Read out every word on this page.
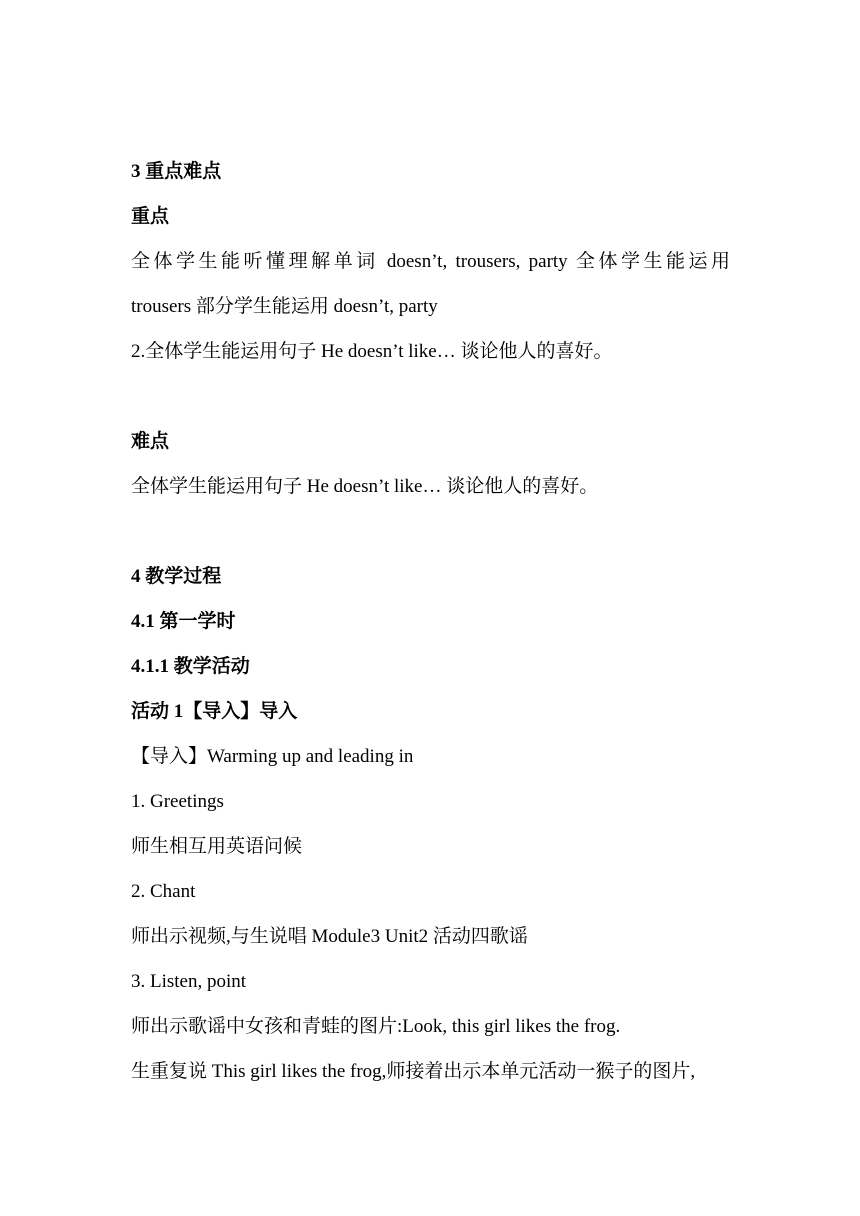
3 重点难点
重点
全体学生能听懂理解单词 doesn’t, trousers, party 全体学生能运用
trousers 部分学生能运用 doesn’t, party
2.全体学生能运用句子 He doesn’t like… 谈论他人的喜好。
难点
全体学生能运用句子 He doesn’t like… 谈论他人的喜好。
4 教学过程
4.1 第一学时
4.1.1 教学活动
活动 1【导入】导入
【导入】Warming up and leading in
1. Greetings
师生相互用英语问候
2. Chant
师出示视频,与生说唱 Module3 Unit2 活动四歌谣
3. Listen, point
师出示歌谣中女孩和青蛙的图片:Look, this girl likes the frog.
生重复说 This girl likes the frog,师接着出示本单元活动一猴子的图片,
